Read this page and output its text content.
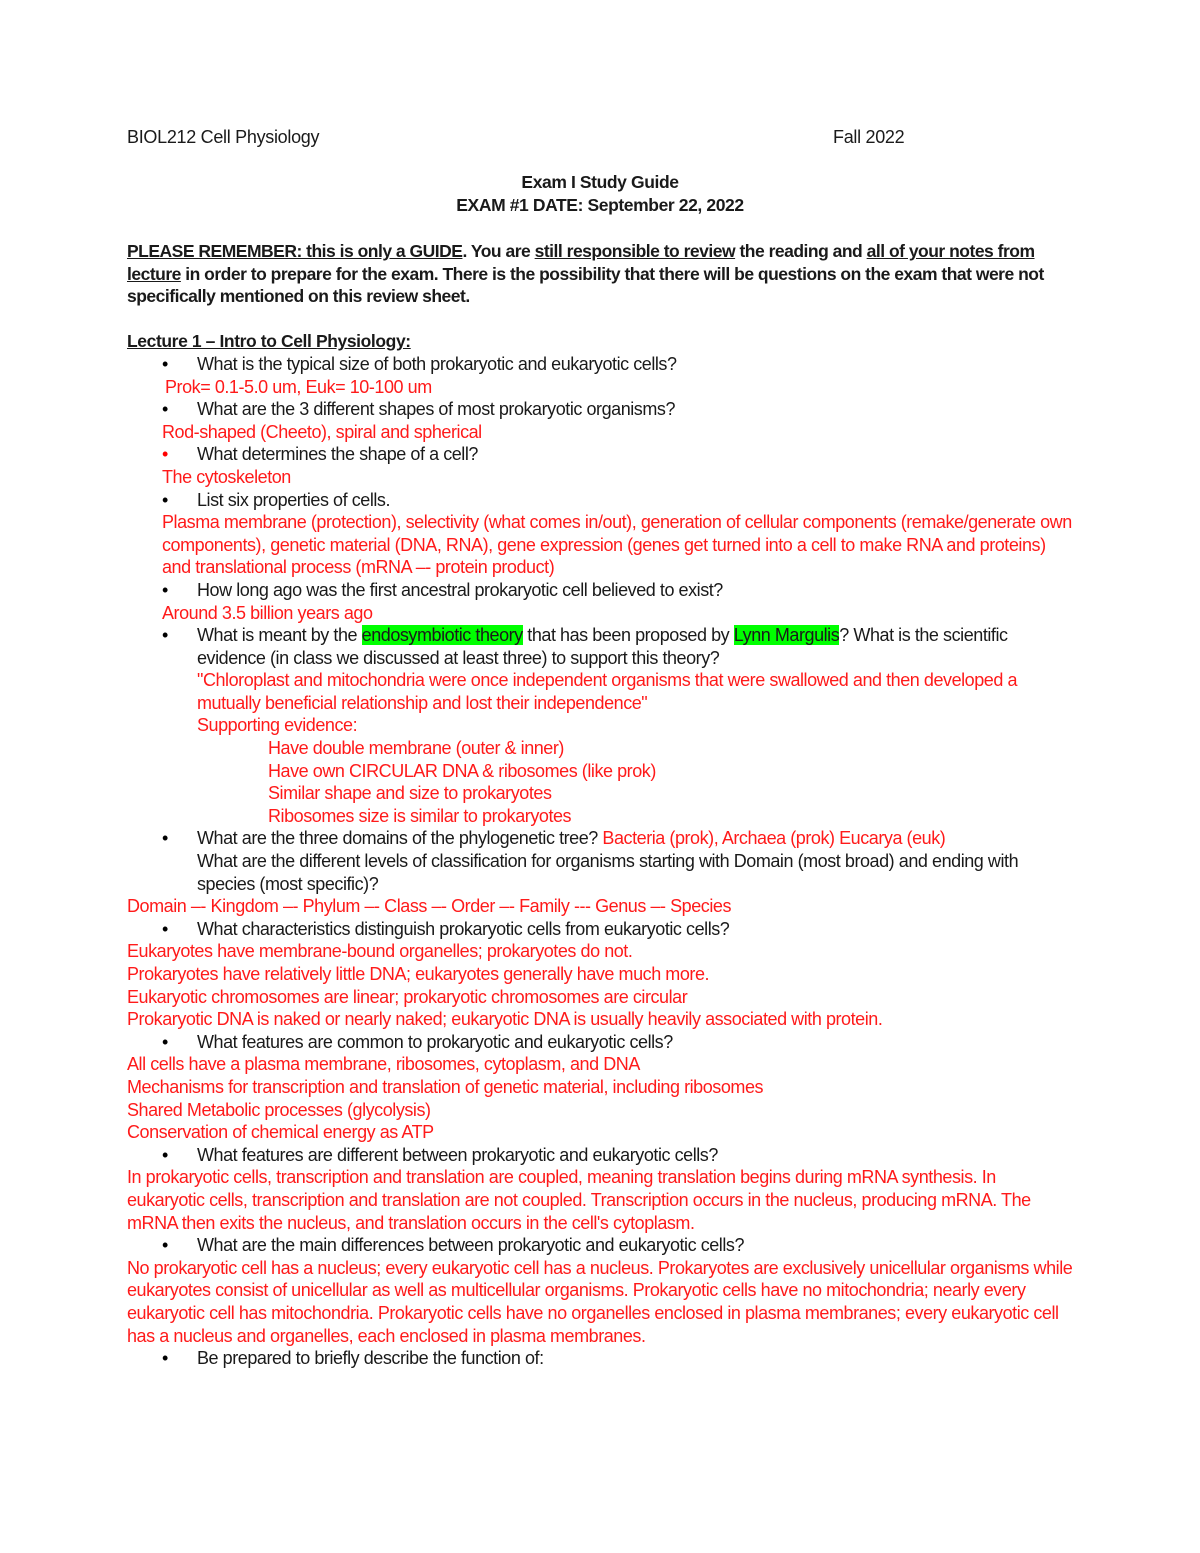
BIOL212 Cell Physiology	Fall 2022
Exam I Study Guide
EXAM #1 DATE: September 22, 2022
PLEASE REMEMBER: this is only a GUIDE. You are still responsible to review the reading and all of your notes from lecture in order to prepare for the exam. There is the possibility that there will be questions on the exam that were not specifically mentioned on this review sheet.
Lecture 1 – Intro to Cell Physiology:
• What is the typical size of both prokaryotic and eukaryotic cells?
Prok= 0.1-5.0 um, Euk= 10-100 um
• What are the 3 different shapes of most prokaryotic organisms?
Rod-shaped (Cheeto), spiral and spherical
• What determines the shape of a cell?
The cytoskeleton
• List six properties of cells.
Plasma membrane (protection), selectivity (what comes in/out), generation of cellular components (remake/generate own components), genetic material (DNA, RNA), gene expression (genes get turned into a cell to make RNA and proteins) and translational process (mRNA –- protein product)
• How long ago was the first ancestral prokaryotic cell believed to exist?
Around 3.5 billion years ago
• What is meant by the endosymbiotic theory that has been proposed by Lynn Margulis? What is the scientific evidence (in class we discussed at least three) to support this theory?
"Chloroplast and mitochondria were once independent organisms that were swallowed and then developed a mutually beneficial relationship and lost their independence"
Supporting evidence:
Have double membrane (outer & inner)
Have own CIRCULAR DNA & ribosomes (like prok)
Similar shape and size to prokaryotes
Ribosomes size is similar to prokaryotes
• What are the three domains of the phylogenetic tree? Bacteria (prok), Archaea (prok) Eucarya (euk)
What are the different levels of classification for organisms starting with Domain (most broad) and ending with species (most specific)?
Domain –- Kingdom –- Phylum –- Class –- Order –- Family --- Genus –- Species
• What characteristics distinguish prokaryotic cells from eukaryotic cells?
Eukaryotes have membrane-bound organelles; prokaryotes do not.
Prokaryotes have relatively little DNA; eukaryotes generally have much more.
Eukaryotic chromosomes are linear; prokaryotic chromosomes are circular
Prokaryotic DNA is naked or nearly naked; eukaryotic DNA is usually heavily associated with protein.
• What features are common to prokaryotic and eukaryotic cells?
All cells have a plasma membrane, ribosomes, cytoplasm, and DNA
Mechanisms for transcription and translation of genetic material, including ribosomes
Shared Metabolic processes (glycolysis)
Conservation of chemical energy as ATP
• What features are different between prokaryotic and eukaryotic cells?
In prokaryotic cells, transcription and translation are coupled, meaning translation begins during mRNA synthesis. In eukaryotic cells, transcription and translation are not coupled. Transcription occurs in the nucleus, producing mRNA. The mRNA then exits the nucleus, and translation occurs in the cell's cytoplasm.
• What are the main differences between prokaryotic and eukaryotic cells?
No prokaryotic cell has a nucleus; every eukaryotic cell has a nucleus. Prokaryotes are exclusively unicellular organisms while eukaryotes consist of unicellular as well as multicellular organisms. Prokaryotic cells have no mitochondria; nearly every eukaryotic cell has mitochondria. Prokaryotic cells have no organelles enclosed in plasma membranes; every eukaryotic cell has a nucleus and organelles, each enclosed in plasma membranes.
• Be prepared to briefly describe the function of:
